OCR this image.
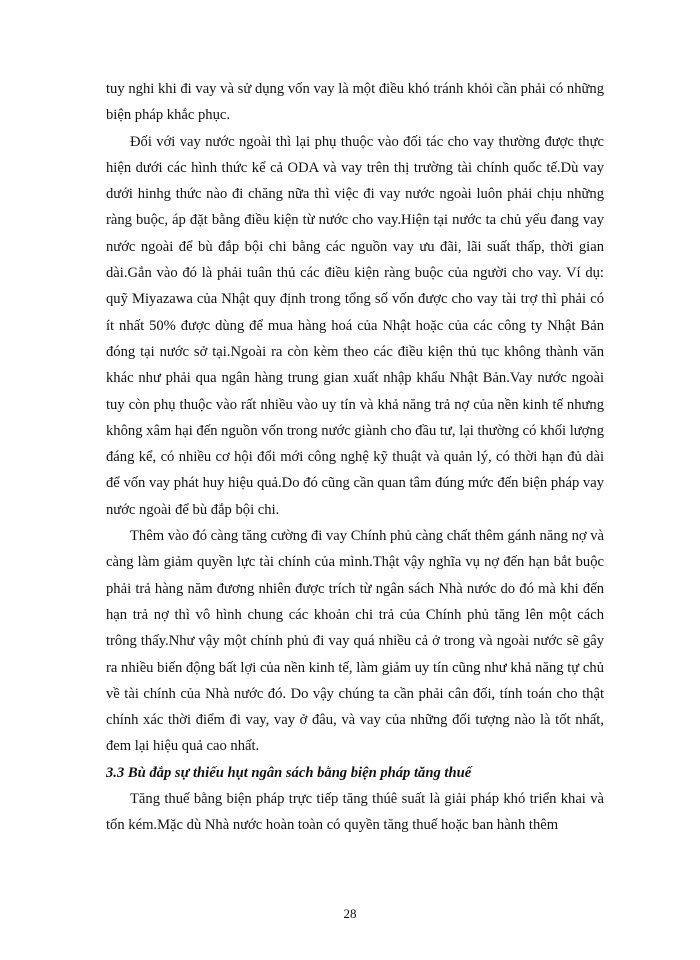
tuy nghi khi đi vay và sử dụng vốn vay là một điều khó tránh khỏi cần phải có những biện pháp khắc phục.

Đối với vay nước ngoài thì lại phụ thuộc vào đối tác cho vay thường được thực hiện dưới các hình thức kể cả ODA và vay trên thị trường tài chính quốc tế.Dù vay dưới hinhg thức nào đi chăng nữa thì việc đi vay nước ngoài luôn phải chịu những ràng buộc, áp đặt bằng điều kiện từ nước cho vay.Hiện tại nước ta chủ yếu đang vay nước ngoài để bù đắp bội chi bằng các nguồn vay ưu đãi, lãi suất thấp, thời gian dài.Gắn vào đó là phải tuân thủ các điều kiện ràng buộc của người cho vay. Ví dụ: quỹ Miyazawa của Nhật quy định trong tổng số vốn được cho vay tài trợ thì phải có ít nhất 50% được dùng để mua hàng hoá của Nhật hoặc của các công ty Nhật Bản đóng tại nước sở tại.Ngoài ra còn kèm theo các điều kiện thủ tục không thành văn khác như phải qua ngân hàng trung gian xuất nhập khẩu Nhật Bản.Vay nước ngoài tuy còn phụ thuộc vào rất nhiều vào uy tín và khả năng trả nợ của nền kinh tế nhưng không xâm hại đến nguồn vốn trong nước giành cho đầu tư, lại thường có khối lượng đáng kể, có nhiều cơ hội đổi mới công nghệ kỹ thuật và quản lý, có thời hạn đủ dài để vốn vay phát huy hiệu quả.Do đó cũng cần quan tâm đúng mức đến biện pháp vay nước ngoài để bù đắp bội chi.

Thêm vào đó càng tăng cường đi vay Chính phủ càng chất thêm gánh năng nợ và càng làm giảm quyền lực tài chính của mình.Thật vậy nghĩa vụ nợ đến hạn bắt buộc phải trả hàng năm đương nhiên được trích từ ngân sách Nhà nước do đó mà khi đến hạn trả nợ thì vô hình chung các khoản chi trả của Chính phủ tăng lên một cách trông thấy.Như vậy một chính phủ đi vay quá nhiều cả ở trong và ngoài nước sẽ gây ra nhiều biến động bất lợi của nền kinh tế, làm giảm uy tín cũng như khả năng tự chủ về tài chính của Nhà nước đó. Do vậy chúng ta cần phải cân đối, tính toán cho thật chính xác thời điểm đi vay, vay ở đâu, và vay của những đối tượng nào là tốt nhất, đem lại hiệu quả cao nhất.

3.3 Bù đắp sự thiếu hụt ngân sách bằng biện pháp tăng thuế

Tăng thuế bằng biện pháp trực tiếp tăng thúê suất là giải pháp khó triển khai và tốn kém.Mặc dù Nhà nước hoàn toàn có quyền tăng thuế hoặc ban hành thêm

28
